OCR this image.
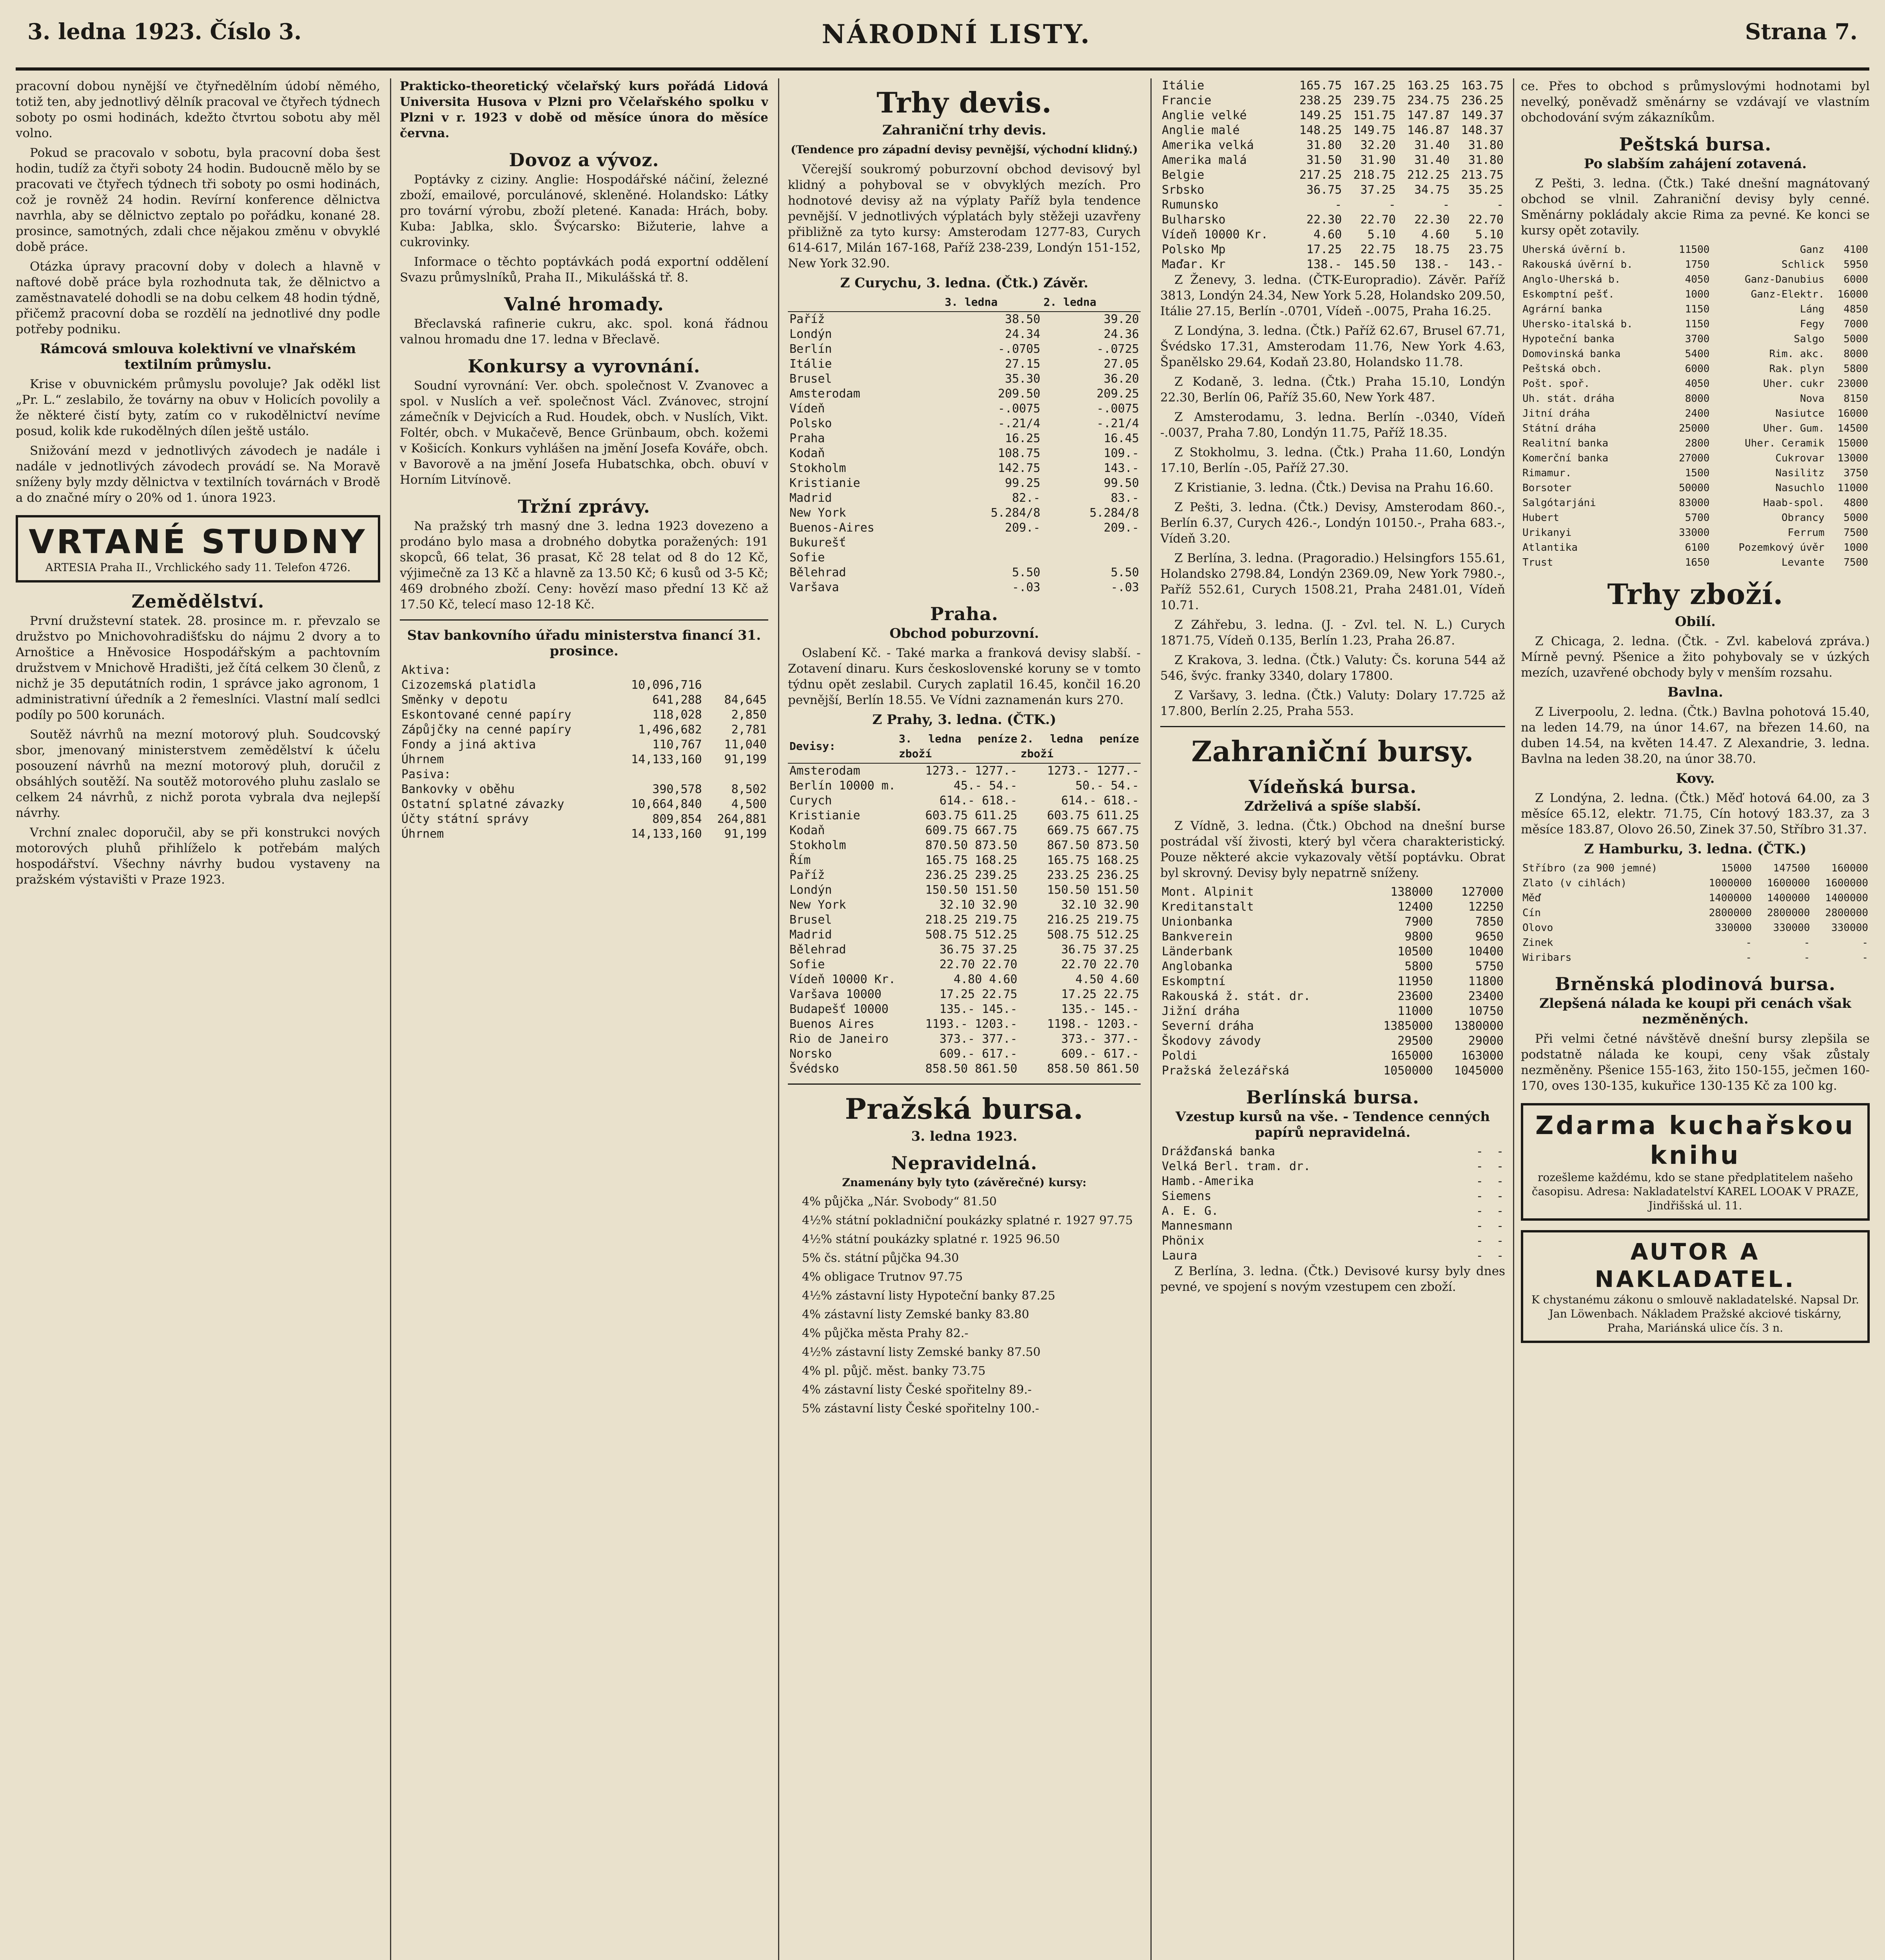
3. ledna 1923. Číslo 3.	NÁRODNÍ LISTY.	Strana 7.

pracovní dobou nynější ve čtyřnedělním údobí němého, totiž ten, aby jednotlivý dělník pracoval ve čtyřech týdnech soboty po osmi hodinách, kdežto čtvrtou sobotu aby měl volno.

Pokud se pracovalo v sobotu, byla pracovní doba šest hodin, tudíž za čtyři soboty 24 hodin. Budoucně mělo by se pracovati ve čtyřech týdnech tři soboty po osmi hodinách, což je rovněž 24 hodin. Revírní konference dělnictva navrhla, aby se dělnictvo zeptalo po pořádku, konané 28. prosince, samotných, zdali chce nějakou změnu v obvyklé době práce.

Otázka úpravy pracovní doby v dolech a hlavně v naftové době práce byla rozhodnuta tak, že dělnictvo a zaměstnavatelé dohodli se na dobu celkem 48 hodin týdně, přičemž pracovní doba se rozdělí na jednotlivé dny podle potřeby podniku.

Rámcová smlouva kolektivní ve vlnařském textilním průmyslu.

Krise v obuvnickém průmyslu povoluje? Jak oděkl list „Pr. L.“ zeslabilo, že továrny na obuv v Holicích povolily a že některé čistí byty, zatím co v rukodělnictví nevíme posud, kolik kde rukodělných dílen ještě ustálo.

Snižování mezd v jednotlivých závodech je nadále i nadále v jednotlivých závodech provádí se. Na Moravě sníženy byly mzdy dělnictva v textilních továrnách v Brodě a do značné míry o 20% od 1. února 1923.

VRTANÉ STUDNY
ARTESIA Praha II., Vrchlického sady 11. Telefon 4726.
Zemědělství.

První družstevní statek. 28. prosince m. r. převzalo se družstvo po Mnichovohradišťsku do nájmu 2 dvory a to Arnoštice a Hněvosice Hospodářským a pachtovním družstvem v Mnichově Hradišti, jež čítá celkem 30 členů, z nichž je 35 deputátních rodin, 1 správce jako agronom, 1 administrativní úředník a 2 řemeslníci. Vlastní malí sedlci podíly po 500 korunách.

Soutěž návrhů na mezní motorový pluh. Soudcovský sbor, jmenovaný ministerstvem zemědělství k účelu posouzení návrhů na mezní motorový pluh, doručil z obsáhlých soutěží. Na soutěž motorového pluhu zaslalo se celkem 24 návrhů, z nichž porota vybrala dva nejlepší návrhy.

Vrchní znalec doporučil, aby se při konstrukci nových motorových pluhů přihlíželo k potřebám malých hospodářství. Všechny návrhy budou vystaveny na pražském výstavišti v Praze 1923.

Prakticko-theoretický včelařský kurs pořádá Lidová Universita Husova v Plzni pro Včelařského spolku v Plzni v r. 1923 v době od měsíce února do měsíce června.

Dovoz a vývoz.

Poptávky z ciziny. Anglie: Hospodářské náčiní, železné zboží, emailové, porculánové, skleněné. Holandsko: Látky pro tovární výrobu, zboží pletené. Kanada: Hrách, boby. Kuba: Jablka, sklo. Švýcarsko: Bižuterie, lahve a cukrovinky.

Informace o těchto poptávkách podá exportní oddělení Svazu průmyslníků, Praha II., Mikulášská tř. 8.

Valné hromady.

Břeclavská rafinerie cukru, akc. spol. koná řádnou valnou hromadu dne 17. ledna v Břeclavě.

Konkursy a vyrovnání.

Soudní vyrovnání: Ver. obch. společnost V. Zvanovec a spol. v Nuslích a veř. společnost Václ. Zvánovec, strojní zámečník v Dejvicích a Rud. Houdek, obch. v Nuslích, Vikt. Foltér, obch. v Mukačevě, Bence Grünbaum, obch. kožemi v Košicích. Konkurs vyhlášen na jmění Josefa Kováře, obch. v Bavorově a na jmění Josefa Hubatschka, obch. obuví v Horním Litvínově.

Tržní zprávy.

Na pražský trh masný dne 3. ledna 1923 dovezeno a prodáno bylo masa a drobného dobytka poražených: 191 skopců, 66 telat, 36 prasat, Kč 28 telat od 8 do 12 Kč, výjimečně za 13 Kč a hlavně za 13.50 Kč; 6 kusů od 3-5 Kč; 469 drobného zboží. Ceny: hovězí maso přední 13 Kč až 17.50 Kč, telecí maso 12-18 Kč.

Stav bankovního úřadu ministerstva financí 31. prosince.
Aktiva:		
Cizozemská platidla	10,096,716	
Směnky v depotu	641,288	84,645
Eskontované cenné papíry	118,028	2,850
Zápůjčky na cenné papíry	1,496,682	2,781
Fondy a jiná aktiva	110,767	11,040
Úhrnem	14,133,160	91,199
Pasiva:		
Bankovky v oběhu	390,578	8,502
Ostatní splatné závazky	10,664,840	4,500
Účty státní správy	809,854	264,881
Úhrnem	14,133,160	91,199
Trhy devis.
Zahraniční trhy devis.
(Tendence pro západní devisy pevnější, východní klidný.)

Včerejší soukromý poburzovní obchod devisový byl klidný a pohyboval se v obvyklých mezích. Pro hodnotové devisy až na výplaty Paříž byla tendence pevnější. V jednotlivých výplatách byly stěžeji uzavřeny přibližně za tyto kursy: Amsterodam 1277-83, Curych 614-617, Milán 167-168, Paříž 238-239, Londýn 151-152, New York 32.90.

Z Curychu, 3. ledna. (Čtk.) Závěr.
	3. ledna	2. ledna
Paříž	38.50	39.20
Londýn	24.34	24.36
Berlín	-.0705	-.0725
Itálie	27.15	27.05
Brusel	35.30	36.20
Amsterodam	209.50	209.25
Vídeň	-.0075	-.0075
Polsko	-.21/4	-.21/4
Praha	16.25	16.45
Kodaň	108.75	109.-
Stokholm	142.75	143.-
Kristianie	99.25	99.50
Madrid	82.-	83.-
New York	5.284/8	5.284/8
Buenos-Aires	209.-	209.-
Bukurešť		
Sofie		
Bělehrad	5.50	5.50
Varšava	-.03	-.03
Praha.
Obchod poburzovní.

Oslabení Kč. - Také marka a franková devisy slabší. - Zotavení dinaru. Kurs československé koruny se v tomto týdnu opět zeslabil. Curych zaplatil 16.45, končil 16.20 pevnější, Berlín 18.55. Ve Vídni zaznamenán kurs 270.

Z Prahy, 3. ledna. (ČTK.)
Devisy:	3. ledna peníze zboží	2. ledna peníze zboží
Amsterodam	1273.- 1277.-	1273.- 1277.-
Berlín 10000 m.	45.- 54.-	50.- 54.-
Curych	614.- 618.-	614.- 618.-
Kristianie	603.75 611.25	603.75 611.25
Kodaň	609.75 667.75	669.75 667.75
Stokholm	870.50 873.50	867.50 873.50
Řím	165.75 168.25	165.75 168.25
Paříž	236.25 239.25	233.25 236.25
Londýn	150.50 151.50	150.50 151.50
New York	32.10 32.90	32.10 32.90
Brusel	218.25 219.75	216.25 219.75
Madrid	508.75 512.25	508.75 512.25
Bělehrad	36.75 37.25	36.75 37.25
Sofie	22.70 22.70	22.70 22.70
Vídeň 10000 Kr.	4.80 4.60	4.50 4.60
Varšava 10000	17.25 22.75	17.25 22.75
Budapešť 10000	135.- 145.-	135.- 145.-
Buenos Aires	1193.- 1203.-	1198.- 1203.-
Rio de Janeiro	373.- 377.-	373.- 377.-
Norsko	609.- 617.-	609.- 617.-
Švédsko	858.50 861.50	858.50 861.50
Pražská bursa.
3. ledna 1923.
Nepravidelná.
Znamenány byly tyto (závěrečné) kursy:

4% půjčka „Nár. Svobody“ 81.50

4½% státní pokladniční poukázky splatné r. 1927 97.75

4½% státní poukázky splatné r. 1925 96.50

5% čs. státní půjčka 94.30

4% obligace Trutnov 97.75

4½% zástavní listy Hypoteční banky 87.25

4% zástavní listy Zemské banky 83.80

4% půjčka města Prahy 82.-

4½% zástavní listy Zemské banky 87.50

4% pl. půjč. měst. banky 73.75

4% zástavní listy České spořitelny 89.-

5% zástavní listy České spořitelny 100.-

Itálie	165.75	167.25	163.25	163.75
Francie	238.25	239.75	234.75	236.25
Anglie velké	149.25	151.75	147.87	149.37
Anglie malé	148.25	149.75	146.87	148.37
Amerika velká	31.80	32.20	31.40	31.80
Amerika malá	31.50	31.90	31.40	31.80
Belgie	217.25	218.75	212.25	213.75
Srbsko	36.75	37.25	34.75	35.25
Rumunsko	-	-	-	-
Bulharsko	22.30	22.70	22.30	22.70
Vídeň 10000 Kr.	4.60	5.10	4.60	5.10
Polsko Mp	17.25	22.75	18.75	23.75
Maďar. Kr	138.-	145.50	138.-	143.-

Z Ženevy, 3. ledna. (ČTK-Europradio). Závěr. Paříž 3813, Londýn 24.34, New York 5.28, Holandsko 209.50, Itálie 27.15, Berlín -.0701, Vídeň -.0075, Praha 16.25.

Z Londýna, 3. ledna. (Čtk.) Paříž 62.67, Brusel 67.71, Švédsko 17.31, Amsterodam 11.76, New York 4.63, Španělsko 29.64, Kodaň 23.80, Holandsko 11.78.

Z Kodaně, 3. ledna. (Čtk.) Praha 15.10, Londýn 22.30, Berlín 06, Paříž 35.60, New York 487.

Z Amsterodamu, 3. ledna. Berlín -.0340, Vídeň -.0037, Praha 7.80, Londýn 11.75, Paříž 18.35.

Z Stokholmu, 3. ledna. (Čtk.) Praha 11.60, Londýn 17.10, Berlín -.05, Paříž 27.30.

Z Kristianie, 3. ledna. (Čtk.) Devisa na Prahu 16.60.

Z Pešti, 3. ledna. (Čtk.) Devisy, Amsterodam 860.-, Berlín 6.37, Curych 426.-, Londýn 10150.-, Praha 683.-, Vídeň 3.20.

Z Berlína, 3. ledna. (Pragoradio.) Helsingfors 155.61, Holandsko 2798.84, Londýn 2369.09, New York 7980.-, Paříž 552.61, Curych 1508.21, Praha 2481.01, Vídeň 10.71.

Z Záhřebu, 3. ledna. (J. - Zvl. tel. N. L.) Curych 1871.75, Vídeň 0.135, Berlín 1.23, Praha 26.87.

Z Krakova, 3. ledna. (Čtk.) Valuty: Čs. koruna 544 až 546, švýc. franky 3340, dolary 17800.

Z Varšavy, 3. ledna. (Čtk.) Valuty: Dolary 17.725 až 17.800, Berlín 2.25, Praha 553.

Zahraniční bursy.
Vídeňská bursa.
Zdrželivá a spíše slabší.

Z Vídně, 3. ledna. (Čtk.) Obchod na dnešní burse postrádal vší živosti, který byl včera charakteristický. Pouze některé akcie vykazovaly větší poptávku. Obrat byl skrovný. Devisy byly nepatrně sníženy.

Mont. Alpinit	138000	127000
Kreditanstalt	12400	12250
Unionbanka	7900	7850
Bankverein	9800	9650
Länderbank	10500	10400
Anglobanka	5800	5750
Eskomptní	11950	11800
Rakouská ž. stát. dr.	23600	23400
Jižní dráha	11000	10750
Severní dráha	1385000	1380000
Škodovy závody	29500	29000
Poldi	165000	163000
Pražská železářská	1050000	1045000
Berlínská bursa.
Vzestup kursů na vše. - Tendence cenných papírů nepravidelná.
Drážďanská banka	-	-
Velká Berl. tram. dr.	-	-
Hamb.-Amerika	-	-
Siemens	-	-
A. E. G.	-	-
Mannesmann	-	-
Phönix	-	-
Laura	-	-

Z Berlína, 3. ledna. (Čtk.) Devisové kursy byly dnes pevné, ve spojení s novým vzestupem cen zboží.

ce. Přes to obchod s průmyslovými hodnotami byl nevelký, poněvadž směnárny se vzdávají ve vlastním obchodování svým zákazníkům.

Peštská bursa.
Po slabším zahájení zotavená.

Z Pešti, 3. ledna. (Čtk.) Také dnešní magnátovaný obchod se vlnil. Zahraniční devisy byly cenné. Směnárny pokládaly akcie Rima za pevné. Ke konci se kursy opět zotavily.

Uherská úvěrní b.	11500	Ganz	4100
Rakouská úvěrní b.	1750	Schlick	5950
Anglo-Uherská b.	4050	Ganz-Danubius	6000
Eskomptní pešť.	1000	Ganz-Elektr.	16000
Agrární banka	1150	Láng	4850
Uhersko-italská b.	1150	Fegy	7000
Hypoteční banka	3700	Salgo	5000
Domovinská banka	5400	Rim. akc.	8000
Peštská obch.	6000	Rak. plyn	5800
Pošt. spoř.	4050	Uher. cukr	23000
Uh. stát. dráha	8000	Nova	8150
Jitní dráha	2400	Nasiutce	16000
Státní dráha	25000	Uher. Gum.	14500
Realitní banka	2800	Uher. Ceramik	15000
Komerční banka	27000	Cukrovar	13000
Rimamur.	1500	Nasilitz	3750
Borsoter	50000	Nasuchlo	11000
Salgótarjáni	83000	Haab-spol.	4800
Hubert	5700	Obrancy	5000
Urikanyi	33000	Ferrum	7500
Atlantika	6100	Pozemkový úvěr	1000
Trust	1650	Levante	7500
Trhy zboží.
Obilí.

Z Chicaga, 2. ledna. (Čtk. - Zvl. kabelová zpráva.) Mírně pevný. Pšenice a žito pohybovaly se v úzkých mezích, uzavřené obchody byly v menším rozsahu.

Bavlna.

Z Liverpoolu, 2. ledna. (Čtk.) Bavlna pohotová 15.40, na leden 14.79, na únor 14.67, na březen 14.60, na duben 14.54, na květen 14.47. Z Alexandrie, 3. ledna. Bavlna na leden 38.20, na únor 38.70.

Kovy.

Z Londýna, 2. ledna. (Čtk.) Měď hotová 64.00, za 3 měsíce 65.12, elektr. 71.75, Cín hotový 183.37, za 3 měsíce 183.87, Olovo 26.50, Zinek 37.50, Stříbro 31.37.

Z Hamburku, 3. ledna. (ČTK.)
Stříbro (za 900 jemné)	15000	147500	160000
Zlato (v cihlách)	1000000	1600000	1600000
Měď	1400000	1400000	1400000
Cín	2800000	2800000	2800000
Olovo	330000	330000	330000
Zinek	-	-	-
Wiribars	-	-	-
Brněnská plodinová bursa.
Zlepšená nálada ke koupi při cenách však nezměněných.

Při velmi četné návštěvě dnešní bursy zlepšila se podstatně nálada ke koupi, ceny však zůstaly nezměněny. Pšenice 155-163, žito 150-155, ječmen 160-170, oves 130-135, kukuřice 130-135 Kč za 100 kg.

Zdarma kuchařskou knihu
rozešleme každému, kdo se stane předplatitelem našeho časopisu. Adresa: Nakladatelství KAREL LOOAK V PRAZE, Jindřišská ul. 11.
AUTOR A NAKLADATEL.
K chystanému zákonu o smlouvě nakladatelské. Napsal Dr. Jan Löwenbach. Nákladem Pražské akciové tiskárny, Praha, Mariánská ulice čís. 3 n.
